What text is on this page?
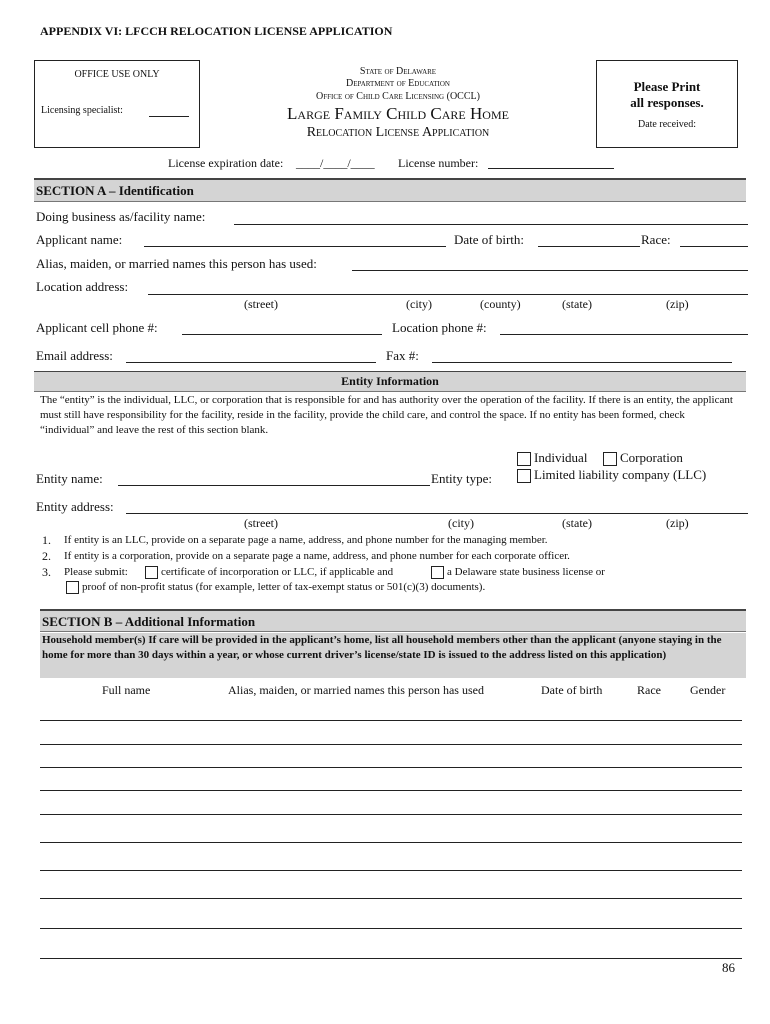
APPENDIX VI: LFCCH RELOCATION LICENSE APPLICATION
OFFICE USE ONLY
Licensing specialist:
State of Delaware
Department of Education
Office of Child Care Licensing (OCCL)
Large Family Child Care Home
Relocation License Application
Please Print
all responses.
Date received:
License expiration date: ____/____/____ License number:
SECTION A – Identification
Doing business as/facility name:
Applicant name:	Date of birth:	Race:
Alias, maiden, or married names this person has used:
Location address:
(street)	(city)	(county)	(state)	(zip)
Applicant cell phone #:	Location phone #:
Email address:	Fax #:
Entity Information
The “entity” is the individual, LLC, or corporation that is responsible for and has authority over the operation of the facility. If there is an entity, the applicant must still have responsibility for the facility, reside in the facility, provide the child care, and control the space. If no entity has been formed, check “individual” and leave the rest of this section blank.
Individual	Corporation
Limited liability company (LLC)
Entity name:	Entity type:
Entity address:
(street)	(city)	(state)	(zip)
1. If entity is an LLC, provide on a separate page a name, address, and phone number for the managing member.
2. If entity is a corporation, provide on a separate page a name, address, and phone number for each corporate officer.
3. Please submit:	certificate of incorporation or LLC, if applicable and	a Delaware state business license or
proof of non-profit status (for example, letter of tax-exempt status or 501(c)(3) documents).
SECTION B – Additional Information
Household member(s) If care will be provided in the applicant’s home, list all household members other than the applicant (anyone staying in the home for more than 30 days within a year, or whose current driver’s license/state ID is issued to the address listed on this application)
Full name	Alias, maiden, or married names this person has used	Date of birth	Race Gender
86
